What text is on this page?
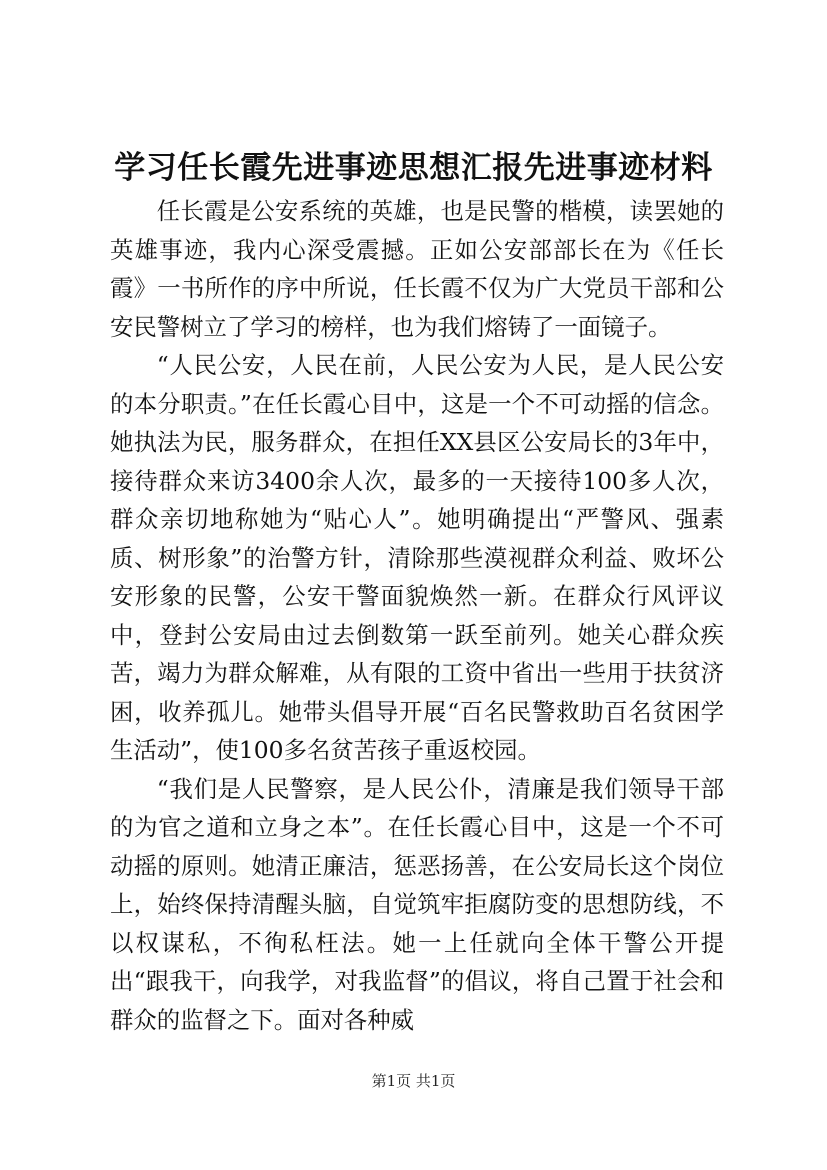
学习任长霞先进事迹思想汇报先进事迹材料

任长霞是公安系统的英雄，也是民警的楷模，读罢她的英雄事迹，我内心深受震撼。正如公安部部长在为《任长霞》一书所作的序中所说，任长霞不仅为广大党员干部和公安民警树立了学习的榜样，也为我们熔铸了一面镜子。

“人民公安，人民在前，人民公安为人民，是人民公安的本分职责。”在任长霞心目中，这是一个不可动摇的信念。她执法为民，服务群众，在担任XX县区公安局长的3年中，接待群众来访3400余人次，最多的一天接待100多人次，群众亲切地称她为“贴心人”。她明确提出“严警风、强素质、树形象”的治警方针，清除那些漠视群众利益、败坏公安形象的民警，公安干警面貌焕然一新。在群众行风评议中，登封公安局由过去倒数第一跃至前列。她关心群众疾苦，竭力为群众解难，从有限的工资中省出一些用于扶贫济困，收养孤儿。她带头倡导开展“百名民警救助百名贫困学生活动”，使100多名贫苦孩子重返校园。

“我们是人民警察，是人民公仆，清廉是我们领导干部的为官之道和立身之本”。在任长霞心目中，这是一个不可动摇的原则。她清正廉洁，惩恶扬善，在公安局长这个岗位上，始终保持清醒头脑，自觉筑牢拒腐防变的思想防线，不以权谋私，不徇私枉法。她一上任就向全体干警公开提出“跟我干，向我学，对我监督”的倡议，将自己置于社会和群众的监督之下。面对各种威

第1页 共1页
